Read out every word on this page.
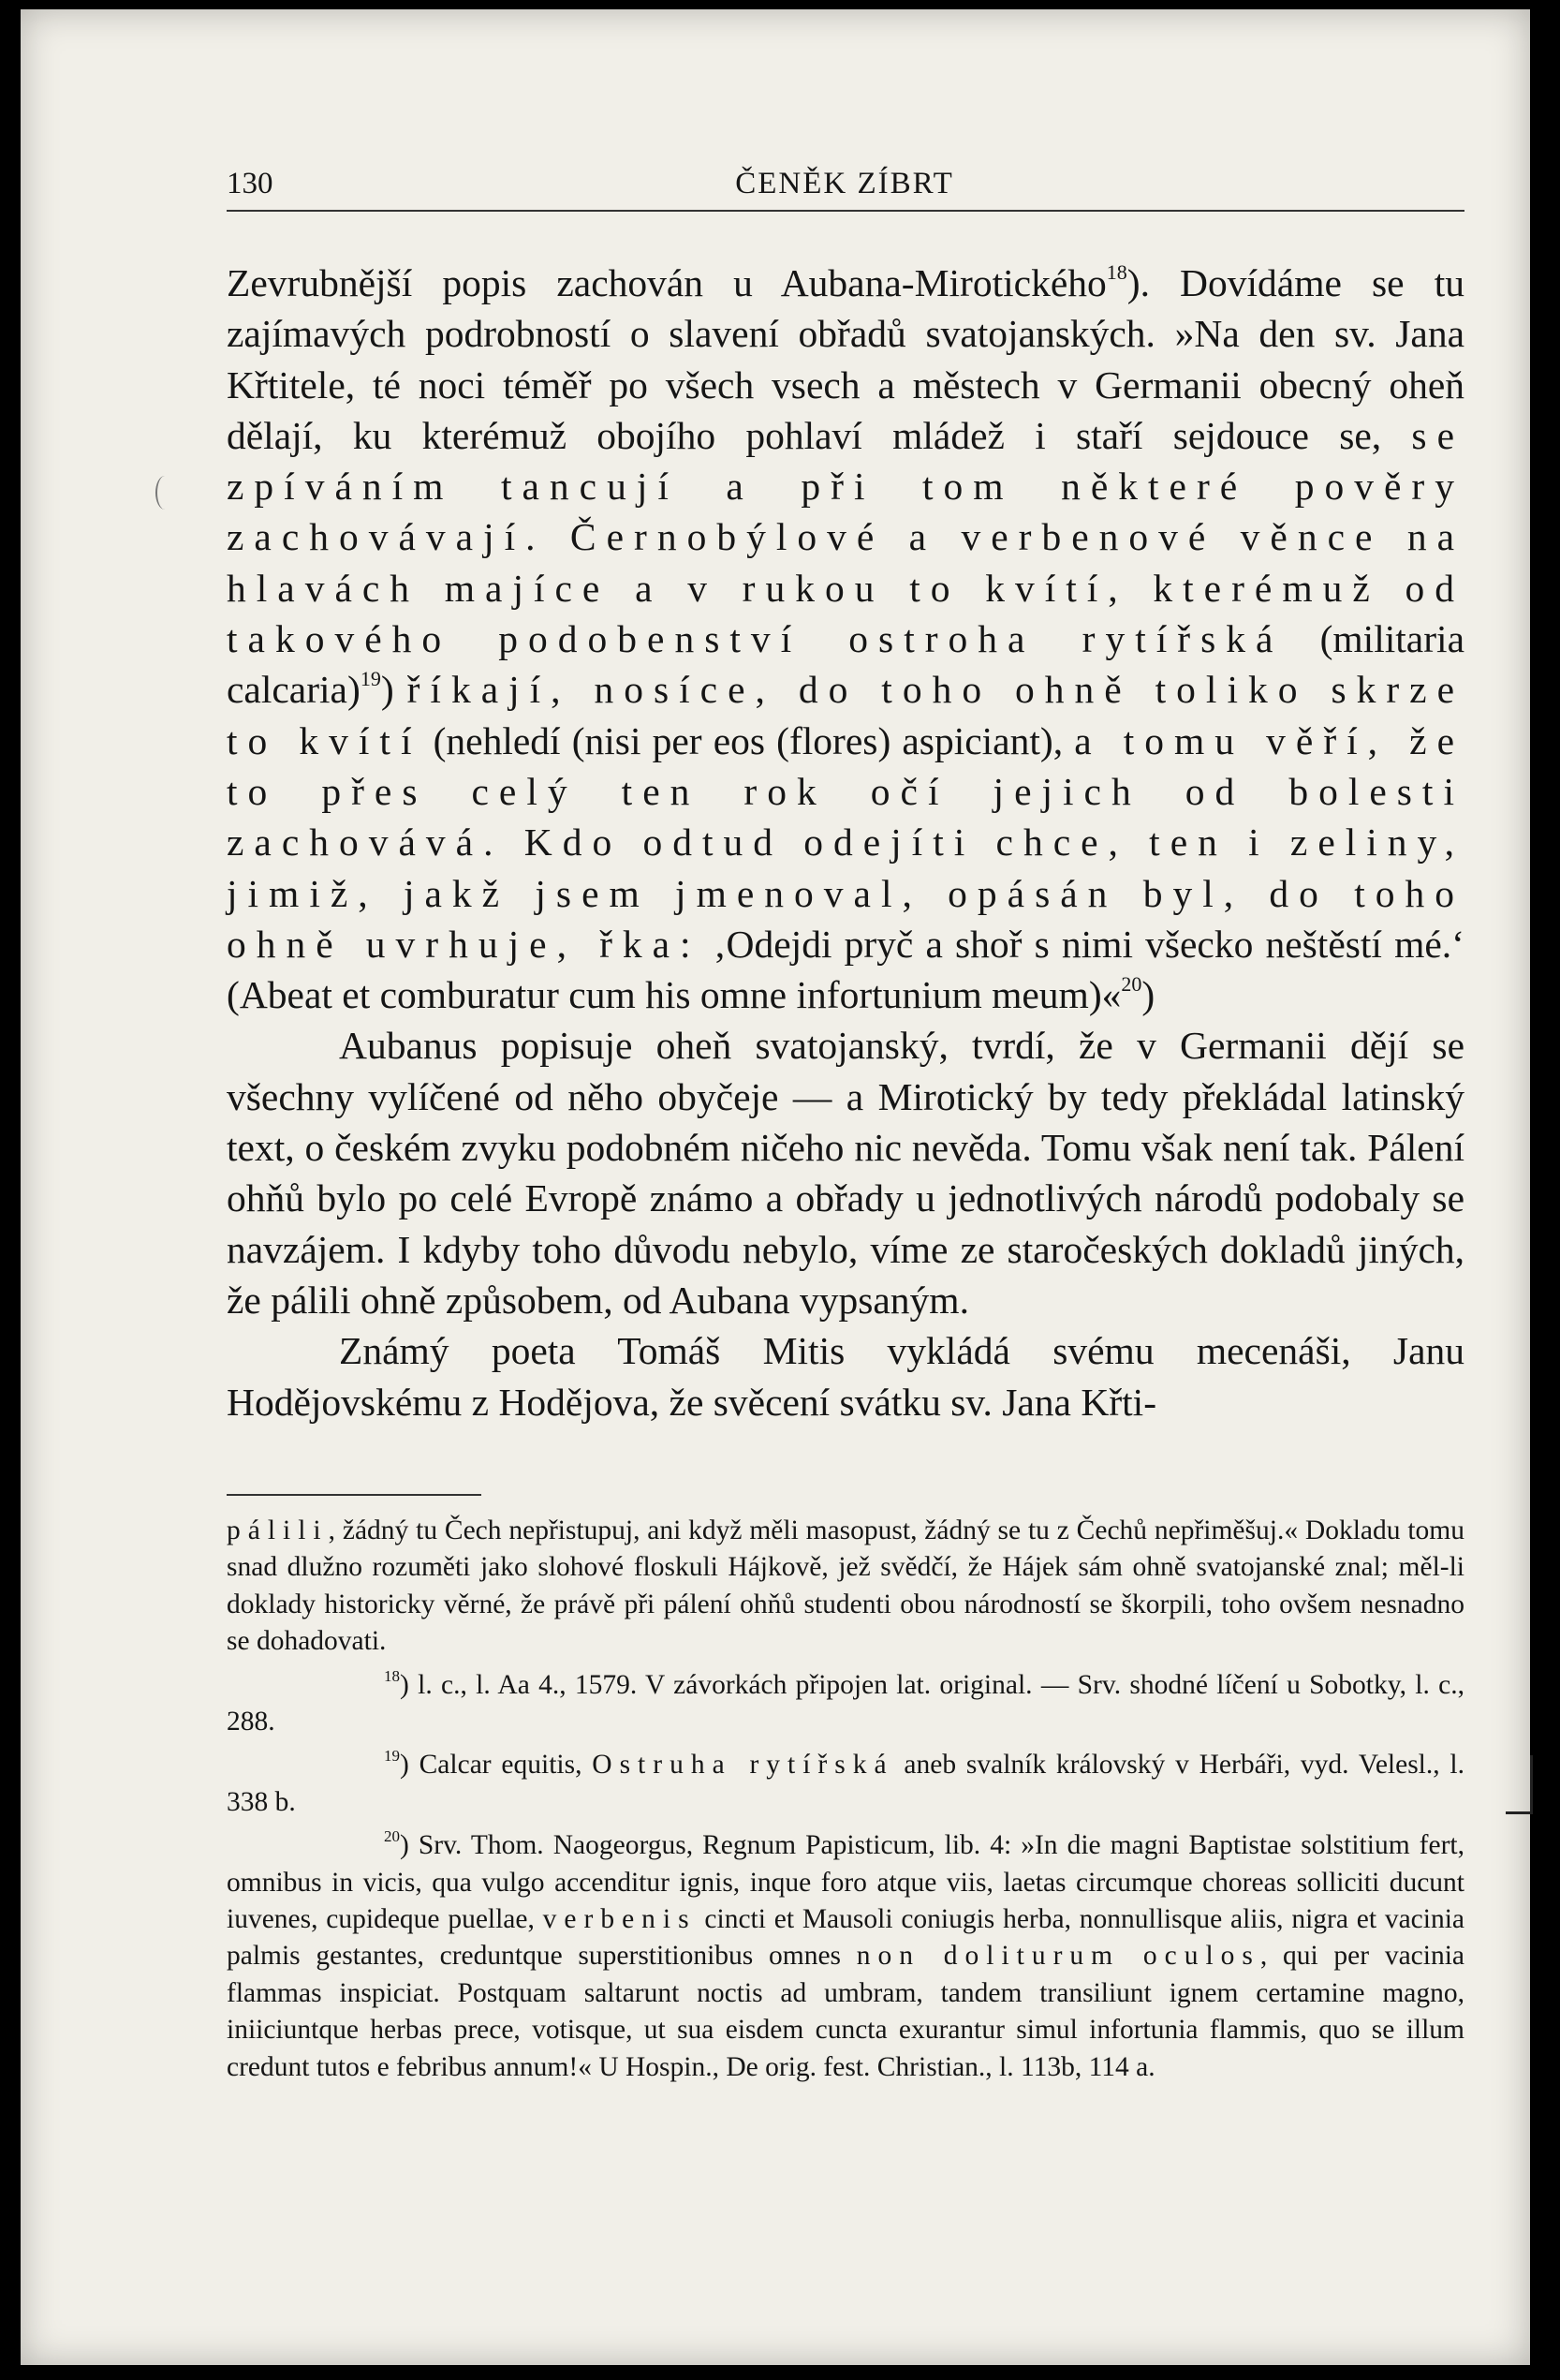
130	ČENĚK ZÍBRT

Zevrubnější popis zachován u Aubana-Mirotického$^{18}$). Dovídáme se tu zajímavých podrobností o slavení obřadů svatojanských. »Na den sv. Jana Křtitele, té noci téměř po všech vsech a městech v Germanii obecný oheň dělají, ku kterémuž obojího pohlaví mládež i staří sejdouce se, se zpíváním tancují a při tom některé pověry zachovávají. Černobýlové a verbenové věnce na hlavách majíce a v rukou to kvítí, kterémuž od takového podobenství ostroha rytířská (militaria calcaria)$^{19}$) říkají, nosíce, do toho ohně toliko skrze to kvítí (nehledí (nisi per eos (flores) aspiciant), a tomu věří, že to přes celý ten rok očí jejich od bolesti zachovává. Kdo odtud odejíti chce, ten i zeliny, jimiž, jakž jsem jmenoval, opásán byl, do toho ohně uvrhuje, řka: ‚Odejdi pryč a shoř s nimi všecko neštěstí mé.‘ (Abeat et comburatur cum his omne infortunium meum)«$^{20}$)

Aubanus popisuje oheň svatojanský, tvrdí, že v Germanii dějí se všechny vylíčené od něho obyčeje — a Mirotický by tedy překládal latinský text, o českém zvyku podobném ničeho nic nevěda. Tomu však není tak. Pálení ohňů bylo po celé Evropě známo a obřady u jednotlivých národů podobaly se navzájem. I kdyby toho důvodu nebylo, víme ze staročeských dokladů jiných, že pálili ohně způsobem, od Aubana vypsaným.

Známý poeta Tomáš Mitis vykládá svému mecenáši, Janu Hodějovskému z Hodějova, že svěcení svátku sv. Jana Křti-

pálili, žádný tu Čech nepřistupuj, ani když měli masopust, žádný se tu z Čechů nepřiměšuj.« Dokladu tomu snad dlužno rozuměti jako slohové floskuli Hájkově, jež svědčí, že Hájek sám ohně svatojanské znal; měl-li doklady historicky věrné, že právě při pálení ohňů studenti obou národností se škorpili, toho ovšem nesnadno se dohadovati.

$^{18}$) l. c., l. Aa 4., 1579. V závorkách připojen lat. original. — Srv. shodné líčení u Sobotky, l. c., 288.

$^{19}$) Calcar equitis, Ostruha rytířská aneb svalník královský v Herbáři, vyd. Velesl., l. 338 b.

$^{20}$) Srv. Thom. Naogeorgus, Regnum Papisticum, lib. 4: »In die magni Baptistae solstitium fert, omnibus in vicis, qua vulgo accenditur ignis, inque foro atque viis, laetas circumque choreas solliciti ducunt iuvenes, cupideque puellae, verbenis cincti et Mausoli coniugis herba, nonnullisque aliis, nigra et vacinia palmis gestantes, creduntque superstitionibus omnes non doliturum oculos, qui per vacinia flammas inspiciat. Postquam saltarunt noctis ad umbram, tandem transiliunt ignem certamine magno, iniiciuntque herbas prece, votisque, ut sua eisdem cuncta exurantur simul infortunia flammis, quo se illum credunt tutos e febribus annum!« U Hospin., De orig. fest. Christian., l. 113b, 114 a.
